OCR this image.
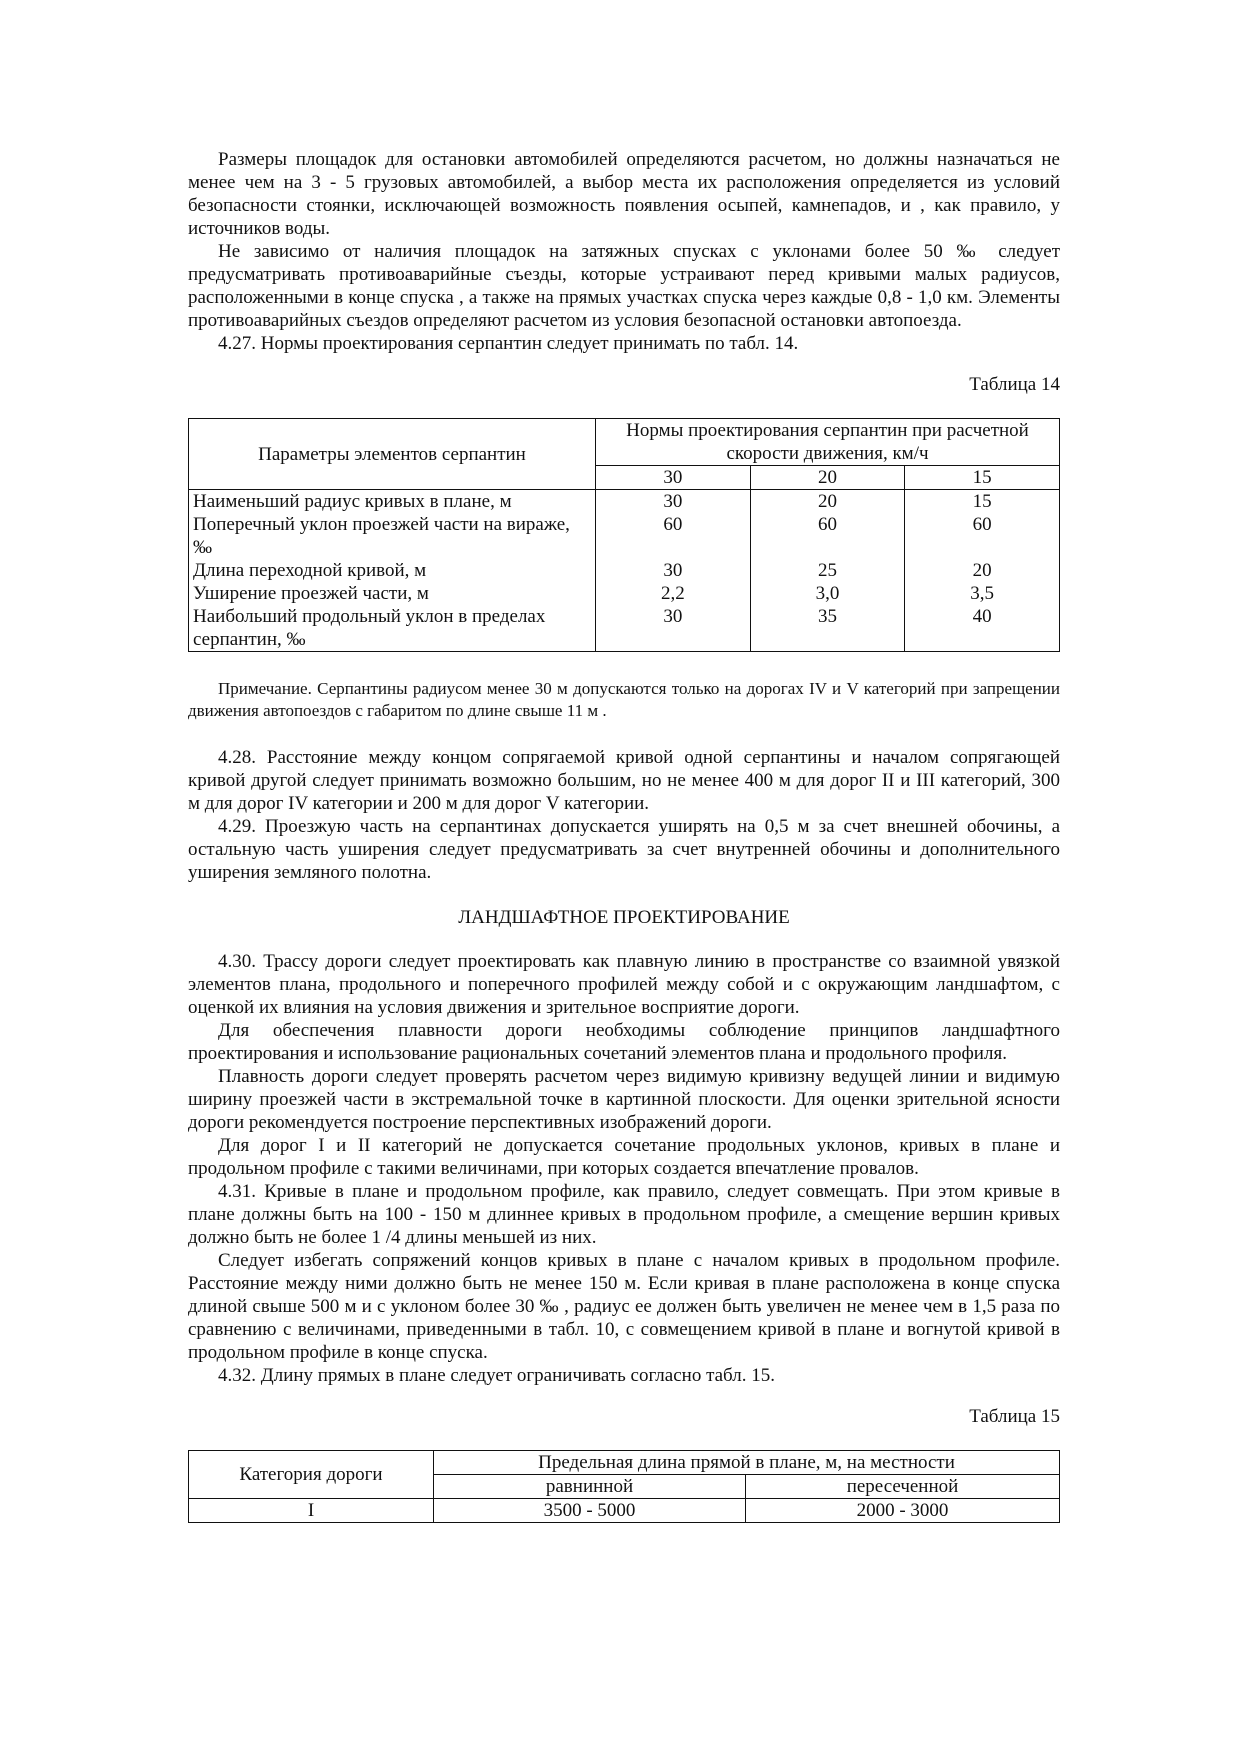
Размеры площадок для остановки автомобилей определяются расчетом, но должны назначаться не менее чем на 3 - 5 грузовых автомобилей, а выбор места их расположения определяется из условий безопасности стоянки, исключающей возможность появления осыпей, камнепадов, и , как правило, у источников воды.

Не зависимо от наличия площадок на затяжных спусках с уклонами более 50 ‰ следует предусматривать противоаварийные съезды, которые устраивают перед кривыми малых радиусов, расположенными в конце спуска , а также на прямых участках спуска через каждые 0,8 - 1,0 км. Элементы противоаварийных съездов определяют расчетом из условия безопасной остановки автопоезда.

4.27. Нормы проектирования серпантин следует принимать по табл. 14.

Таблица 14
Параметры элементов серпантин	Нормы проектирования серпантин при расчетной скорости движения, км/ч		
	30	20	15
Наименьший радиус кривых в плане, м	30	20	15
Поперечный уклон проезжей части на вираже, ‰	60	60	60
Длина переходной кривой, м	30	25	20
Уширение проезжей части, м	2,2	3,0	3,5
Наибольший продольный уклон в пределах серпантин, ‰	30	35	40
Примечание. Серпантины радиусом менее 30 м допускаются только на дорогах IV и V категорий при запрещении движения автопоездов с габаритом по длине свыше 11 м .

4.28. Расстояние между концом сопрягаемой кривой одной серпантины и началом сопрягающей кривой другой следует принимать возможно большим, но не менее 400 м для дорог II и III категорий, 300 м для дорог IV категории и 200 м для дорог V категории.

4.29. Проезжую часть на серпантинах допускается уширять на 0,5 м за счет внешней обочины, а остальную часть уширения следует предусматривать за счет внутренней обочины и дополнительного уширения земляного полотна.

ЛАНДШАФТНОЕ ПРОЕКТИРОВАНИЕ

4.30. Трассу дороги следует проектировать как плавную линию в пространстве со взаимной увязкой элементов плана, продольного и поперечного профилей между собой и с окружающим ландшафтом, с оценкой их влияния на условия движения и зрительное восприятие дороги.

Для обеспечения плавности дороги необходимы соблюдение принципов ландшафтного проектирования и использование рациональных сочетаний элементов плана и продольного профиля.

Плавность дороги следует проверять расчетом через видимую кривизну ведущей линии и видимую ширину проезжей части в экстремальной точке в картинной плоскости. Для оценки зрительной ясности дороги рекомендуется построение перспективных изображений дороги.

Для дорог I и II категорий не допускается сочетание продольных уклонов, кривых в плане и продольном профиле с такими величинами, при которых создается впечатление провалов.

4.31. Кривые в плане и продольном профиле, как правило, следует совмещать. При этом кривые в плане должны быть на 100 - 150 м длиннее кривых в продольном профиле, а смещение вершин кривых должно быть не более 1 /4 длины меньшей из них.

Следует избегать сопряжений концов кривых в плане с началом кривых в продольном профиле. Расстояние между ними должно быть не менее 150 м. Если кривая в плане расположена в конце спуска длиной свыше 500 м и с уклоном более 30 ‰ , радиус ее должен быть увеличен не менее чем в 1,5 раза по сравнению с величинами, приведенными в табл. 10, с совмещением кривой в плане и вогнутой кривой в продольном профиле в конце спуска.

4.32. Длину прямых в плане следует ограничивать согласно табл. 15.

Таблица 15
Категория дороги	Предельная длина прямой в плане, м, на местности	
	равнинной	пересеченной
I	3500 - 5000	2000 - 3000
